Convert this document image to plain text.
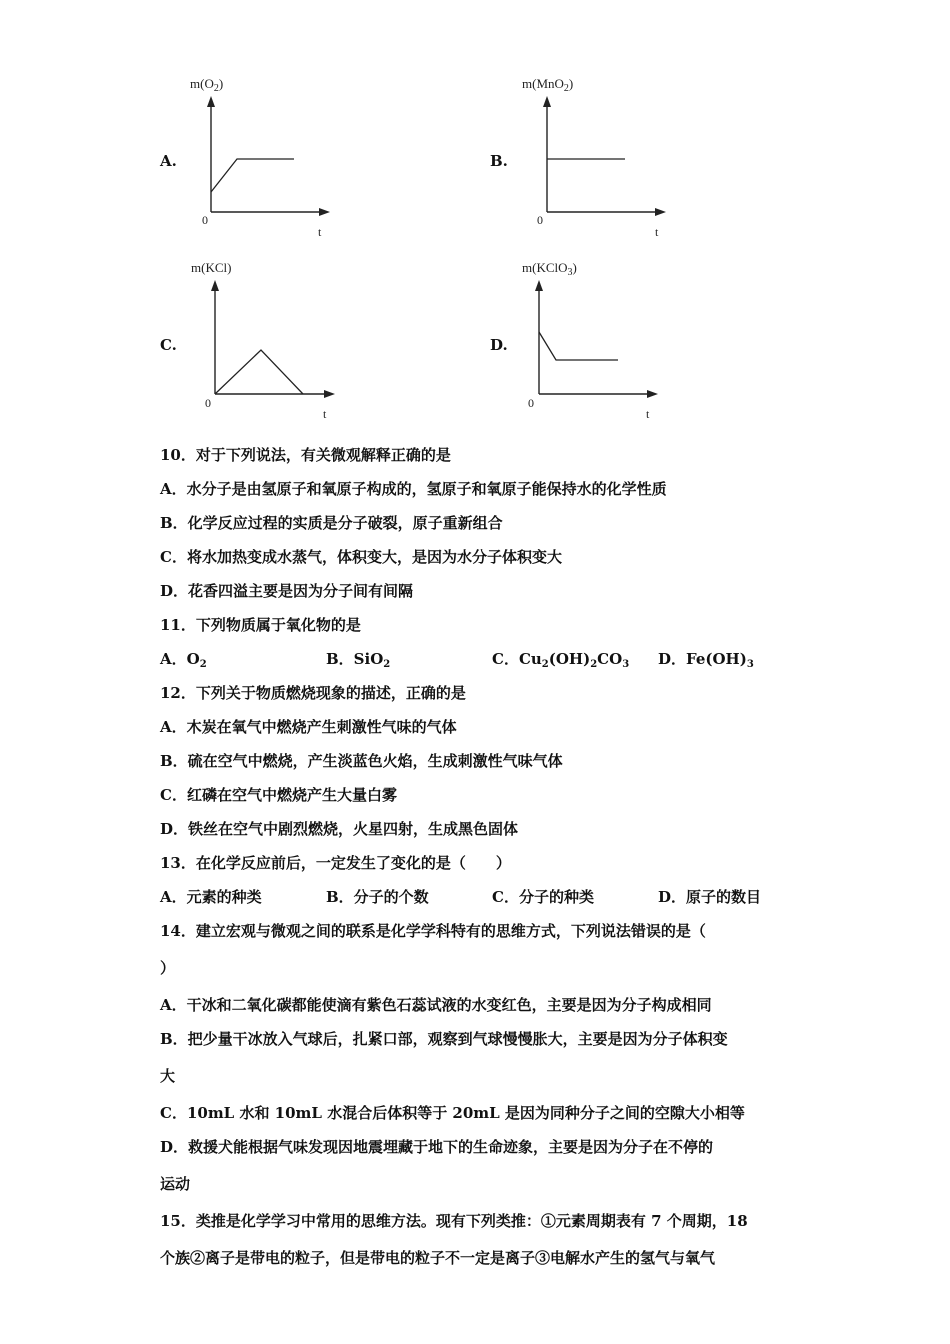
A.
$m(O_2)$
0
t
B.
m(MnO$_2$)
0
t
C.
m(KCl)
0
t
D.
m(KClO$_3$)
0
t
10．对于下列说法，有关微观解释正确的是
A．水分子是由氢原子和氧原子构成的，氢原子和氧原子能保持水的化学性质
B．化学反应过程的实质是分子破裂，原子重新组合
C．将水加热变成水蒸气，体积变大，是因为水分子体积变大
D．花香四溢主要是因为分子间有间隔
11．下列物质属于氧化物的是
A．$O_2$	B．SiO$_2$	C．$Cu_2(OH)_2CO_3$	D．$Fe(OH)_3$
12．下列关于物质燃烧现象的描述，正确的是
A．木炭在氧气中燃烧产生刺激性气味的气体
B．硫在空气中燃烧，产生淡蓝色火焰，生成刺激性气味气体
C．红磷在空气中燃烧产生大量白雾
D．铁丝在空气中剧烈燃烧，火星四射，生成黑色固体
13．在化学反应前后，一定发生了变化的是（　　）
A．元素的种类	B．分子的个数	C．分子的种类	D．原子的数目
14．建立宏观与微观之间的联系是化学学科特有的思维方式，下列说法错误的是（
）
A．干冰和二氧化碳都能使滴有紫色石蕊试液的水变红色，主要是因为分子构成相同
B．把少量干冰放入气球后，扎紧口部，观察到气球慢慢胀大，主要是因为分子体积变
大
C．10mL 水和 10mL 水混合后体积等于 20mL 是因为同种分子之间的空隙大小相等
D．救援犬能根据气味发现因地震埋藏于地下的生命迹象，主要是因为分子在不停的
运动
15．类推是化学学习中常用的思维方法。现有下列类推：①元素周期表有 7 个周期，18
个族②离子是带电的粒子，但是带电的粒子不一定是离子③电解水产生的氢气与氧气
